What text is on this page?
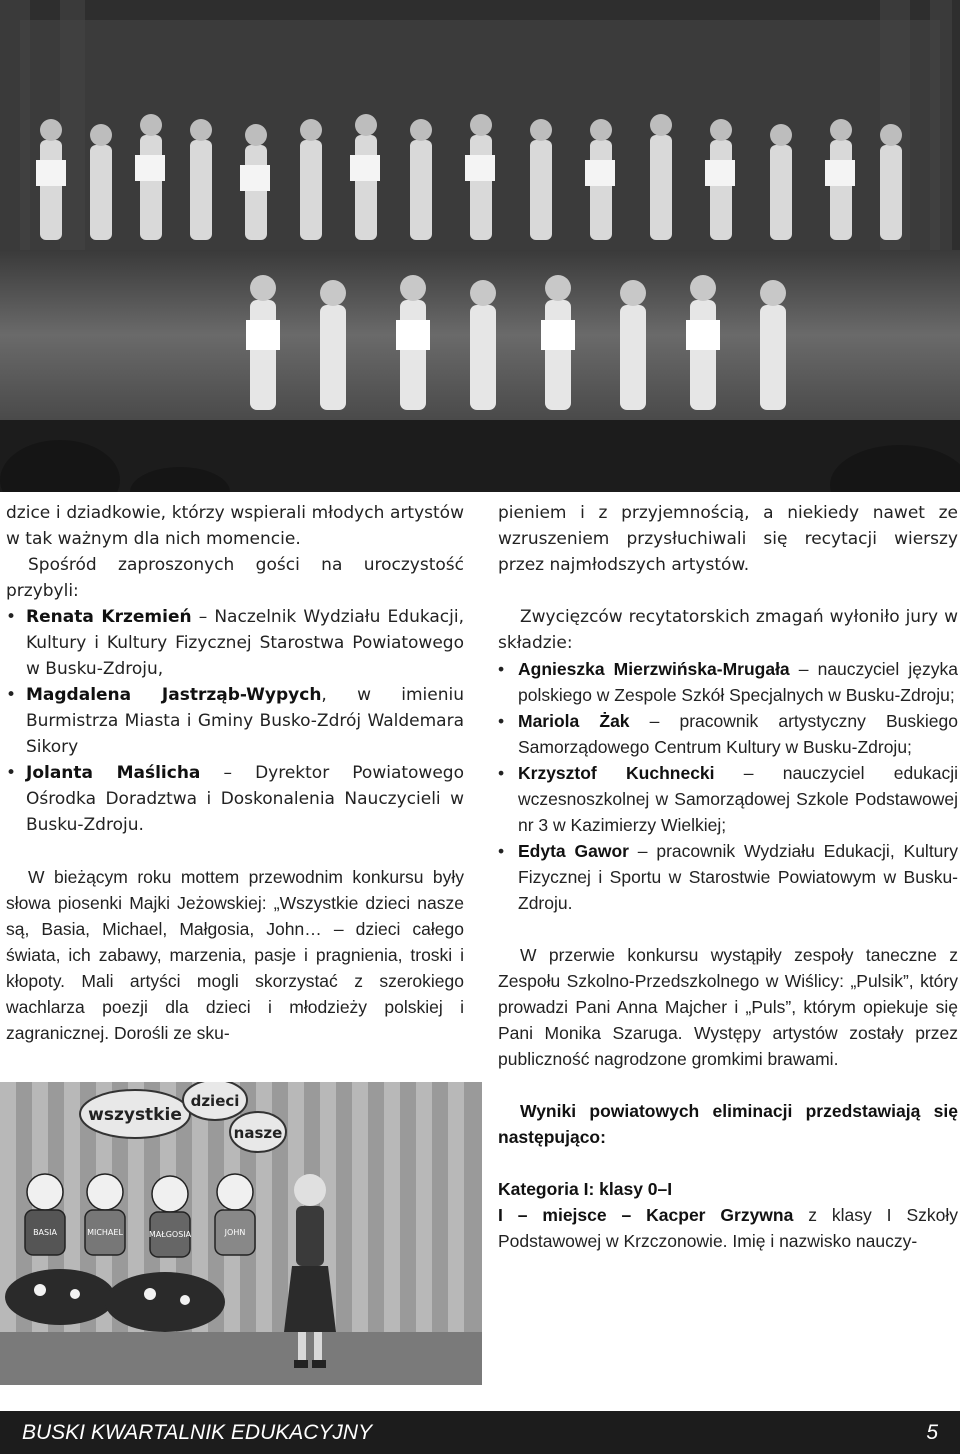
dzice i dziadkowie, którzy wspierali młodych artystów w tak ważnym dla nich momencie.

Spośród zaproszonych gości na uroczystość przybyli:

• Renata Krzemień – Naczelnik Wydziału Edukacji, Kultury i Kultury Fizycznej Starostwa Powiatowego w Busku-Zdroju,
• Magdalena Jastrząb-Wypych, w imieniu Burmistrza Miasta i Gminy Busko-Zdrój Waldemara Sikory
• Jolanta Maślicha – Dyrektor Powiatowego Ośrodka Doradztwa i Doskonalenia Nauczycieli w Busku-Zdroju.

W bieżącym roku mottem przewodnim konkursu były słowa piosenki Majki Jeżowskiej: „Wszystkie dzieci nasze są, Basia, Michael, Małgosia, John… – dzieci całego świata, ich zabawy, marzenia, pasje i pragnienia, troski i kłopoty. Mali artyści mogli skorzystać z szerokiego wachlarza poezji dla dzieci i młodzieży polskiej i zagranicznej. Dorośli ze sku-

wszystkie
dzieci
nasze
BASIA	MICHAEL	MAŁGOSIA	JOHN

pieniem i z przyjemnością, a niekiedy nawet ze wzruszeniem przysłuchiwali się recytacji wierszy przez najmłodszych artystów.

Zwycięzców recytatorskich zmagań wyłoniło jury w składzie:

• Agnieszka Mierzwińska-Mrugała – nauczyciel języka polskiego w Zespole Szkół Specjalnych w Busku-Zdroju;
• Mariola Żak – pracownik artystyczny Buskiego Samorządowego Centrum Kultury w Busku-Zdroju;
• Krzysztof Kuchnecki – nauczyciel edukacji wczesnoszkolnej w Samorządowej Szkole Podstawowej nr 3 w Kazimierzy Wielkiej;
• Edyta Gawor – pracownik Wydziału Edukacji, Kultury Fizycznej i Sportu w Starostwie Powiatowym w Busku-Zdroju.

W przerwie konkursu wystąpiły zespoły taneczne z Zespołu Szkolno-Przedszkolnego w Wiślicy: „Pulsik”, który prowadzi Pani Anna Majcher i „Puls”, którym opiekuje się Pani Monika Szaruga. Występy artystów zostały przez publiczność nagrodzone gromkimi brawami.

Wyniki powiatowych eliminacji przedstawiają się następująco:

Kategoria I: klasy 0–I

I – miejsce – Kacper Grzywna z klasy I Szkoły Podstawowej w Krzczonowie. Imię i nazwisko nauczy-

BUSKI KWARTALNIK EDUKACYJNY	5
